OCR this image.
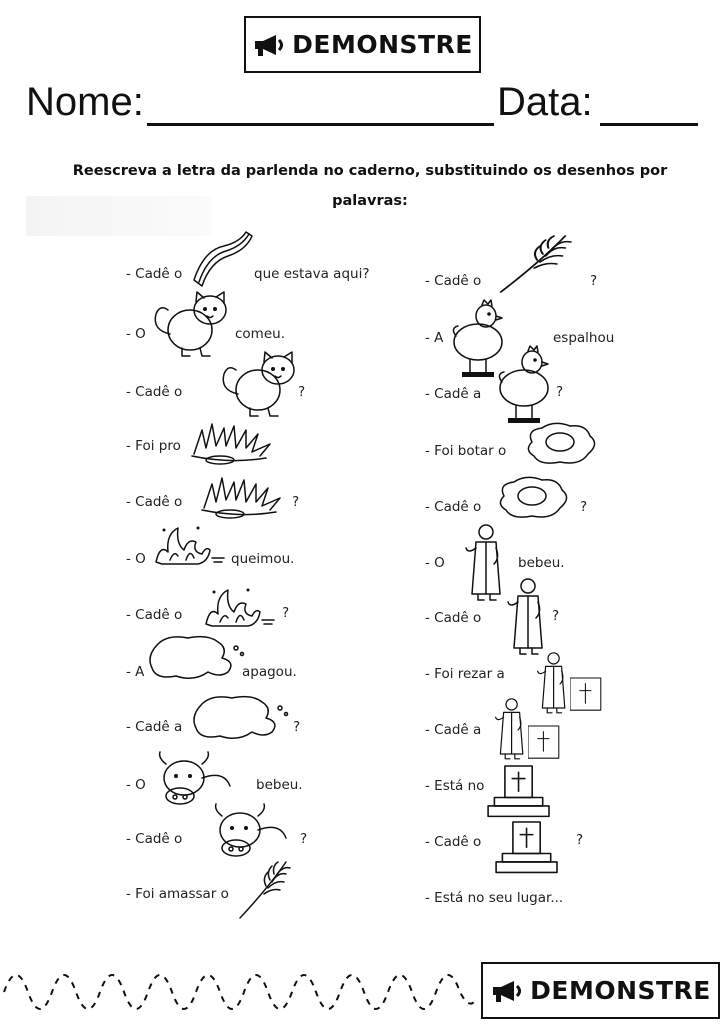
DEMONSTRE
Nome:	Data:
Reescreva a letra da parlenda no caderno, substituindo os desenhos por
palavras:
- Cadê o	que estava aqui?
- O	comeu.
- Cadê o	?
- Foi pro
- Cadê o	?
- O	queimou.
- Cadê o	?
- A	apagou.
- Cadê a	?
- O	bebeu.
- Cadê o	?
- Foi amassar o
- Cadê o	?
- A	espalhou
- Cadê a	?
- Foi botar o
- Cadê o	?
- O	bebeu.
- Cadê o	?
- Foi rezar a
- Cadê a
- Está no
- Cadê o	?
- Está no seu lugar...
DEMONSTRE
